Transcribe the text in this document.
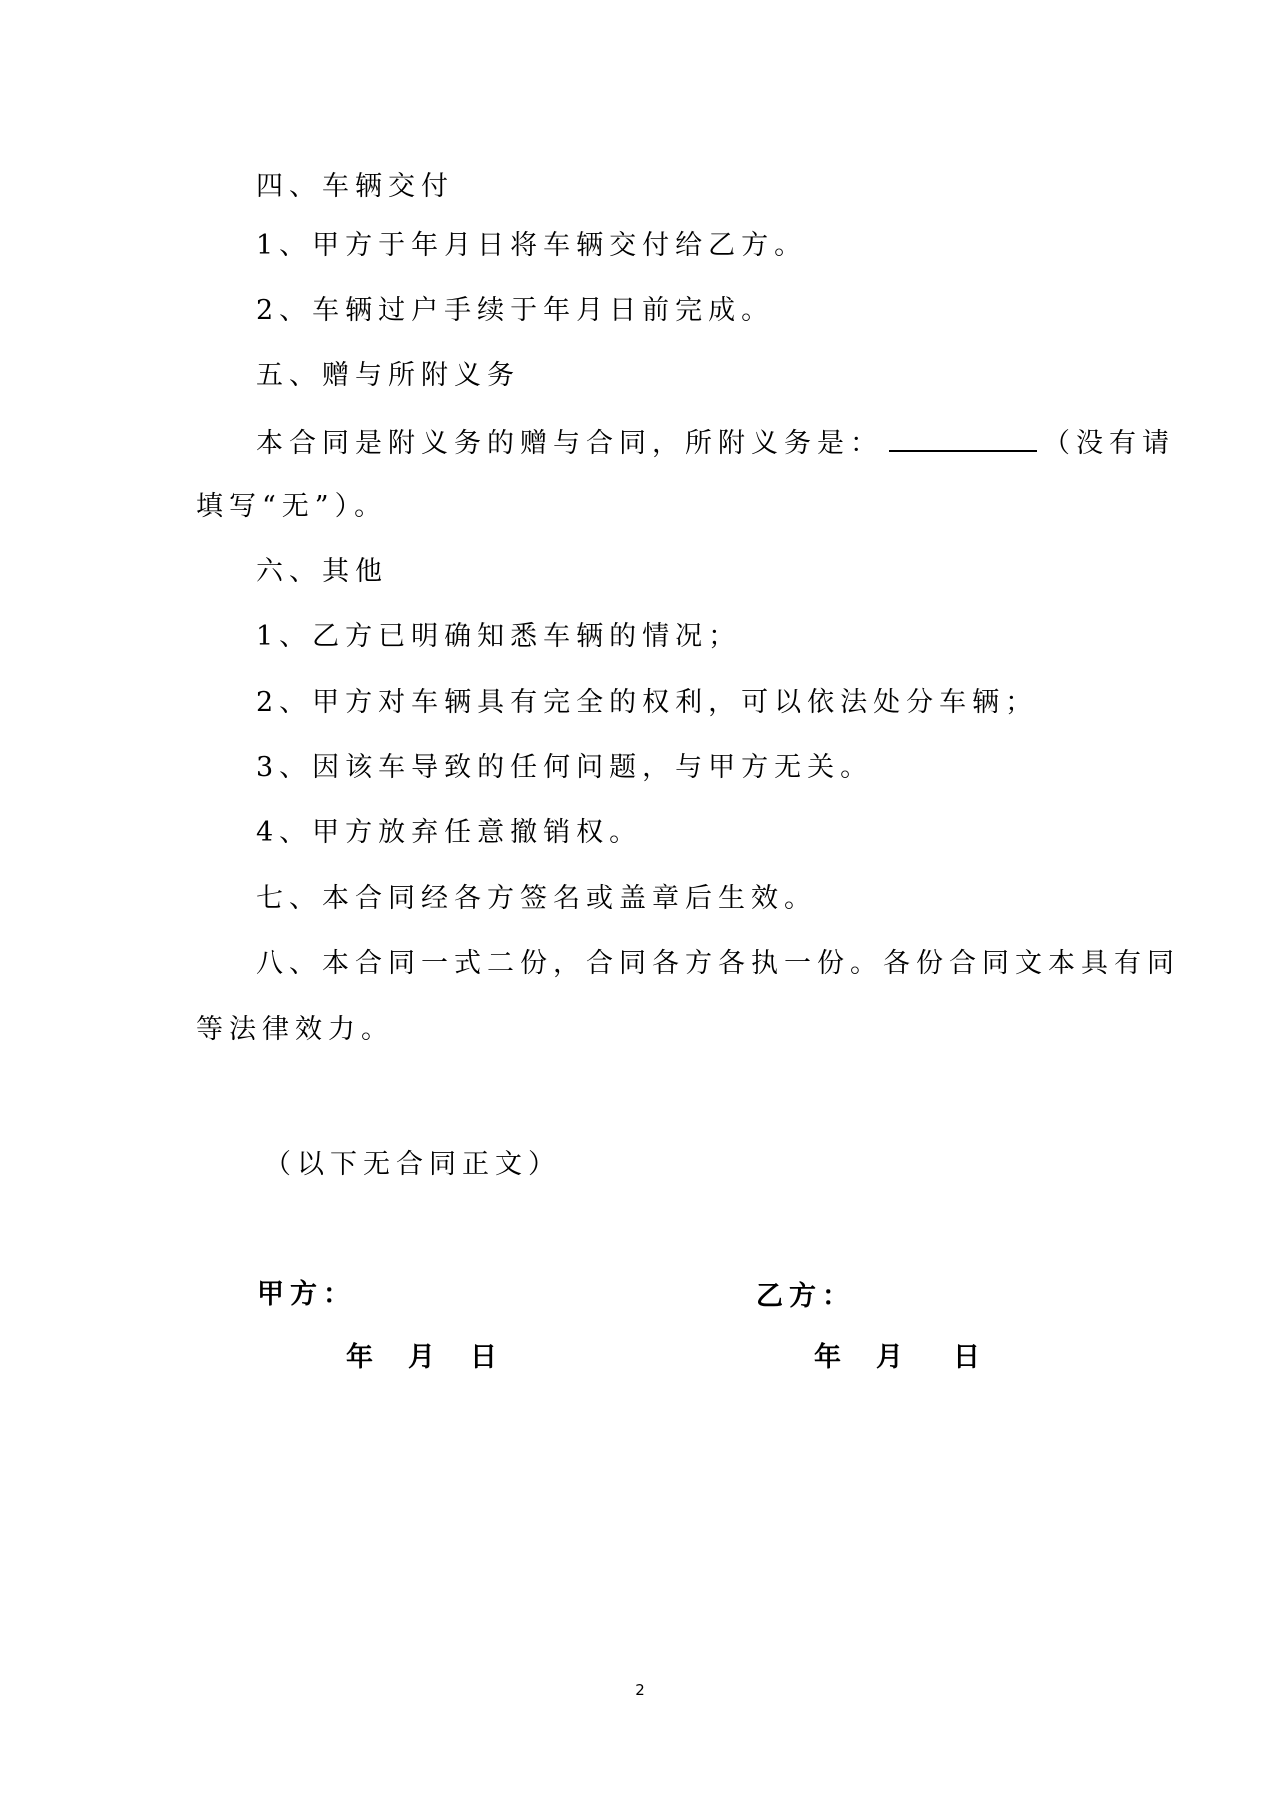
四、车辆交付
1、甲方于年月日将车辆交付给乙方。
2、车辆过户手续于年月日前完成。
五、赠与所附义务
本合同是附义务的赠与合同，所附义务是：	（没有请
填写“无”）。
六、其他
1、乙方已明确知悉车辆的情况；
2、甲方对车辆具有完全的权利，可以依法处分车辆；
3、因该车导致的任何问题，与甲方无关。
4、甲方放弃任意撤销权。
七、本合同经各方签名或盖章后生效。
八、本合同一式二份，合同各方各执一份。各份合同文本具有同
等法律效力。
（以下无合同正文）
甲方：
年 月 日
乙方：
年 月 日
2
